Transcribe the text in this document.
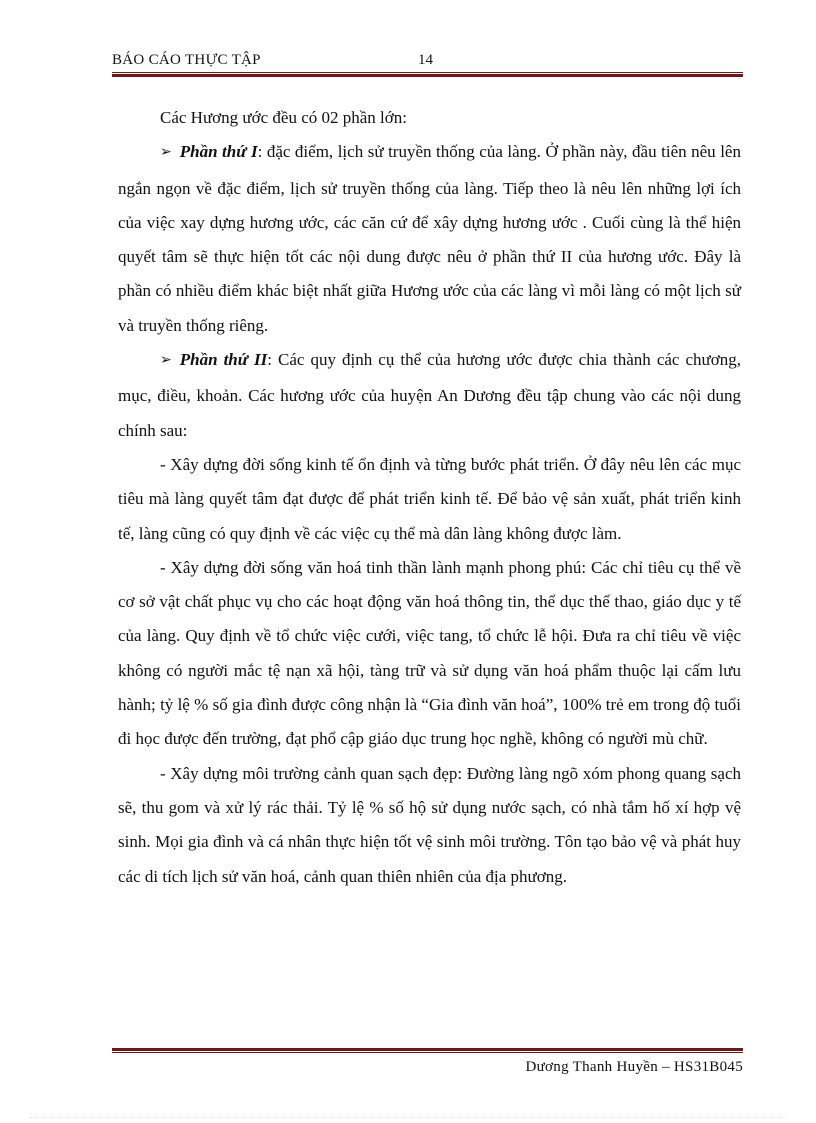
BÁO CÁO THỰC TẬP	14

Các Hương ước đều có 02 phần lớn:

➢ Phần thứ I: đặc điểm, lịch sử truyền thống của làng. Ở phần này, đầu tiên nêu lên ngắn ngọn về đặc điểm, lịch sử truyền thống của làng. Tiếp theo là nêu lên những lợi ích của việc xay dựng hương ước, các căn cứ để xây dựng hương ước . Cuối cùng là thể hiện quyết tâm sẽ thực hiện tốt các nội dung được nêu ở phần thứ II của hương ước. Đây là phần có nhiều điểm khác biệt nhất giữa Hương ước của các làng vì mỗi làng có một lịch sử và truyền thống riêng.

➢ Phần thứ II: Các quy định cụ thể của hương ước được chia thành các chương, mục, điều, khoản. Các hương ước của huyện An Dương đều tập chung vào các nội dung chính sau:

- Xây dựng đời sống kinh tế ổn định và từng bước phát triển. Ở đây nêu lên các mục tiêu mà làng quyết tâm đạt được để phát triển kinh tế. Để bảo vệ sản xuất, phát triển kinh tế, làng cũng có quy định về các việc cụ thể mà dân làng không được làm.

- Xây dựng đời sống văn hoá tinh thần lành mạnh phong phú: Các chỉ tiêu cụ thể về cơ sở vật chất phục vụ cho các hoạt động văn hoá thông tin, thể dục thể thao, giáo dục y tế của làng. Quy định về tổ chức việc cưới, việc tang, tổ chức lễ hội. Đưa ra chỉ tiêu về việc không có người mắc tệ nạn xã hội, tàng trữ và sử dụng văn hoá phẩm thuộc lại cấm lưu hành; tỷ lệ % số gia đình được công nhận là “Gia đình văn hoá”, 100% trẻ em trong độ tuổi đi học được đến trường, đạt phổ cập giáo dục trung học nghề, không có người mù chữ.

- Xây dựng môi trường cảnh quan sạch đẹp: Đường làng ngõ xóm phong quang sạch sẽ, thu gom và xử lý rác thải. Tỷ lệ % số hộ sử dụng nước sạch, có nhà tắm hố xí hợp vệ sinh. Mọi gia đình và cá nhân thực hiện tốt vệ sinh môi trường. Tôn tạo bảo vệ và phát huy các di tích lịch sử văn hoá, cảnh quan thiên nhiên của địa phương.

Dương Thanh Huyền – HS31B045
